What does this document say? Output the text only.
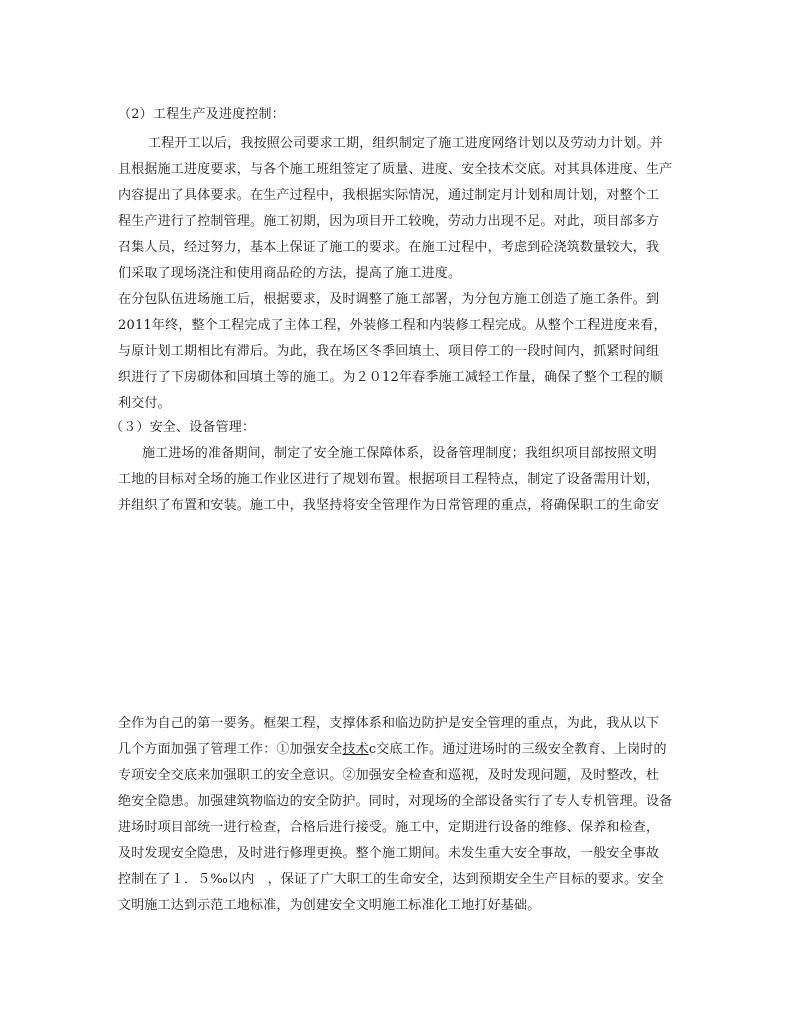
（2）工程生产及进度控制：
工程开工以后，我按照公司要求工期，组织制定了施工进度网络计划以及劳动力计划。并
且根据施工进度要求，与各个施工班组签定了质量、进度、安全技术交底。对其具体进度、生产
内容提出了具体要求。在生产过程中，我根据实际情况，通过制定月计划和周计划，对整个工
程生产进行了控制管理。施工初期，因为项目开工较晚，劳动力出现不足。对此，项目部多方
召集人员，经过努力，基本上保证了施工的要求。在施工过程中，考虑到砼浇筑数量较大，我
们采取了现场浇注和使用商品砼的方法，提高了施工进度。
在分包队伍进场施工后，根据要求，及时调整了施工部署，为分包方施工创造了施工条件。到
2011年终，整个工程完成了主体工程，外装修工程和内装修工程完成。从整个工程进度来看，
与原计划工期相比有滞后。为此，我在场区冬季回填土、项目停工的一段时间内，抓紧时间组
织进行了下房砌体和回填土等的施工。为２０12年春季施工减轻工作量，确保了整个工程的顺
利交付。
（３）安全、设备管理：
施工进场的准备期间，制定了安全施工保障体系，设备管理制度；我组织项目部按照文明
工地的目标对全场的施工作业区进行了规划布置。根据项目工程特点，制定了设备需用计划，
并组织了布置和安装。施工中，我坚持将安全管理作为日常管理的重点，将确保职工的生命安
全作为自己的第一要务。框架工程，支撑体系和临边防护是安全管理的重点，为此，我从以下
几个方面加强了管理工作：①加强安全技术c交底工作。通过进场时的三级安全教育、上岗时的
专项安全交底来加强职工的安全意识。②加强安全检查和巡视，及时发现问题，及时整改，杜
绝安全隐患。加强建筑物临边的安全防护。同时，对现场的全部设备实行了专人专机管理。设备
进场时项目部统一进行检查，合格后进行接受。施工中，定期进行设备的维修、保养和检查，
及时发现安全隐患，及时进行修理更换。整个施工期间。未发生重大安全事故，一般安全事故
控制在了１．５‰以内　，保证了广大职工的生命安全，达到预期安全生产目标的要求。安全
文明施工达到示范工地标准，为创建安全文明施工标准化工地打好基础。
